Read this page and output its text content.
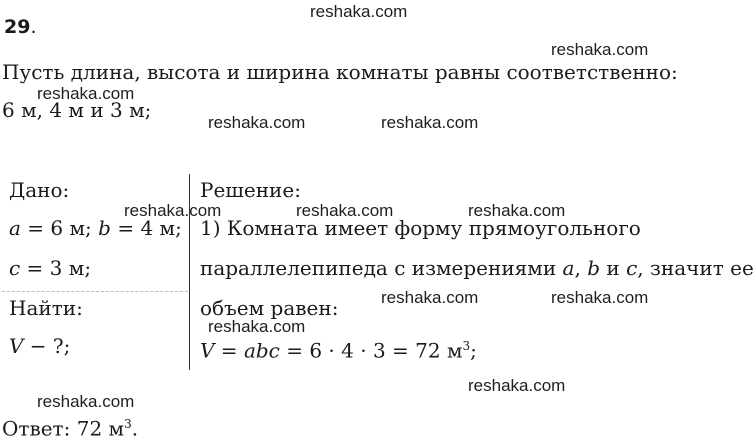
29.
Пусть длина, высота и ширина комнаты равны соответственно:
6 м, 4 м и 3 м;
Дано:
a = 6 м; b = 4 м;
c = 3 м;
Найти:
V − ?;
Решение:
1) Комната имеет форму прямоугольного
параллелепипеда с измерениями a, b и c, значит ее
объем равен:
V = abc = 6 · 4 · 3 = 72 $м^3$;
Ответ: 72 $м^3$.
reshaka.com
reshaka.com
reshaka.com
reshaka.com	reshaka.com
reshaka.com	reshaka.com	reshaka.com
reshaka.com	reshaka.com
reshaka.com
reshaka.com
reshaka.com
